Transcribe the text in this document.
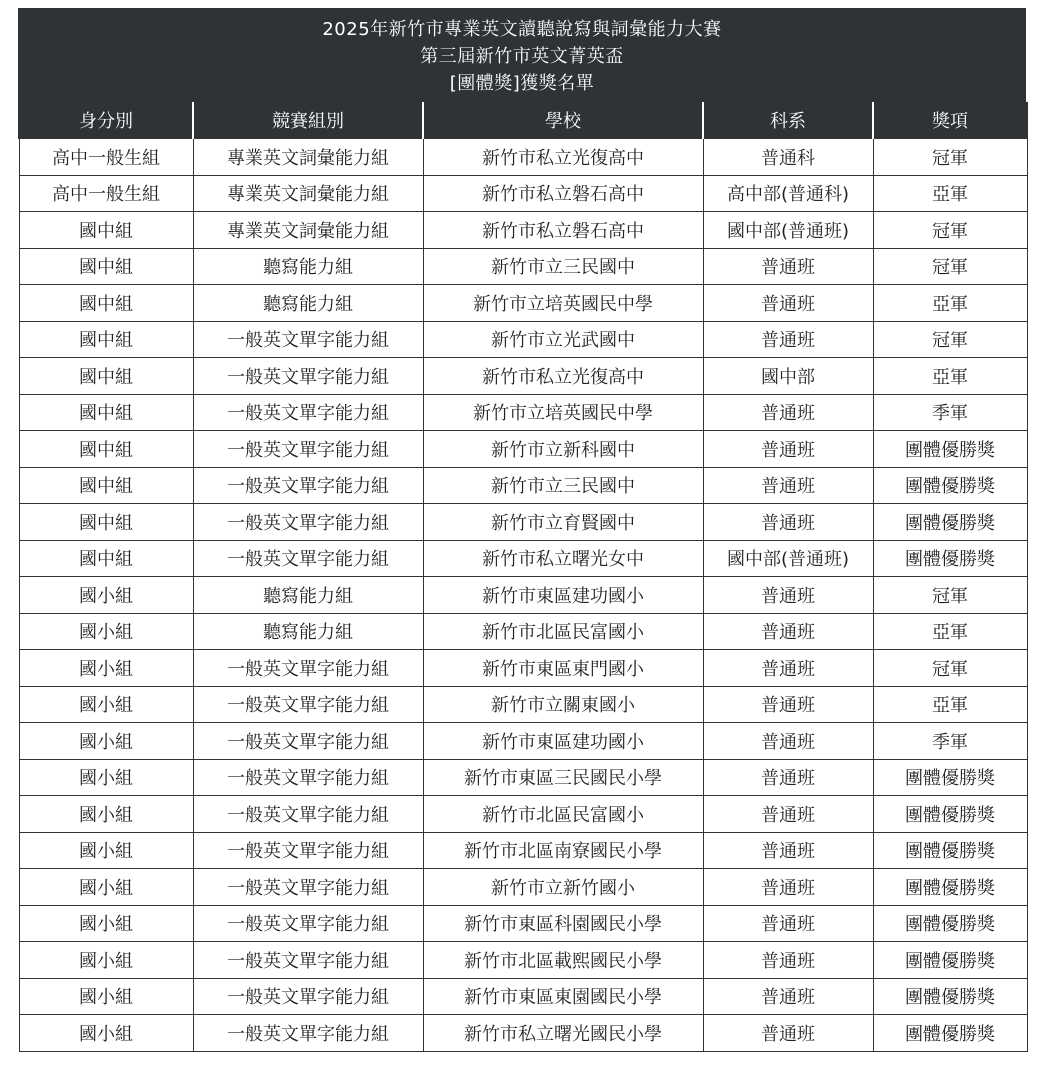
2025年新竹市專業英文讀聽說寫與詞彙能力大賽
第三屆新竹市英文菁英盃
[團體獎]獲獎名單
身分別	競賽組別	學校	科系	獎項
高中一般生組	專業英文詞彙能力組	新竹市私立光復高中	普通科	冠軍
高中一般生組	專業英文詞彙能力組	新竹市私立磐石高中	高中部(普通科)	亞軍
國中組	專業英文詞彙能力組	新竹市私立磐石高中	國中部(普通班)	冠軍
國中組	聽寫能力組	新竹市立三民國中	普通班	冠軍
國中組	聽寫能力組	新竹市立培英國民中學	普通班	亞軍
國中組	一般英文單字能力組	新竹市立光武國中	普通班	冠軍
國中組	一般英文單字能力組	新竹市私立光復高中	國中部	亞軍
國中組	一般英文單字能力組	新竹市立培英國民中學	普通班	季軍
國中組	一般英文單字能力組	新竹市立新科國中	普通班	團體優勝獎
國中組	一般英文單字能力組	新竹市立三民國中	普通班	團體優勝獎
國中組	一般英文單字能力組	新竹市立育賢國中	普通班	團體優勝獎
國中組	一般英文單字能力組	新竹市私立曙光女中	國中部(普通班)	團體優勝獎
國小組	聽寫能力組	新竹市東區建功國小	普通班	冠軍
國小組	聽寫能力組	新竹市北區民富國小	普通班	亞軍
國小組	一般英文單字能力組	新竹市東區東門國小	普通班	冠軍
國小組	一般英文單字能力組	新竹市立關東國小	普通班	亞軍
國小組	一般英文單字能力組	新竹市東區建功國小	普通班	季軍
國小組	一般英文單字能力組	新竹市東區三民國民小學	普通班	團體優勝獎
國小組	一般英文單字能力組	新竹市北區民富國小	普通班	團體優勝獎
國小組	一般英文單字能力組	新竹市北區南寮國民小學	普通班	團體優勝獎
國小組	一般英文單字能力組	新竹市立新竹國小	普通班	團體優勝獎
國小組	一般英文單字能力組	新竹市東區科園國民小學	普通班	團體優勝獎
國小組	一般英文單字能力組	新竹市北區載熙國民小學	普通班	團體優勝獎
國小組	一般英文單字能力組	新竹市東區東園國民小學	普通班	團體優勝獎
國小組	一般英文單字能力組	新竹市私立曙光國民小學	普通班	團體優勝獎
